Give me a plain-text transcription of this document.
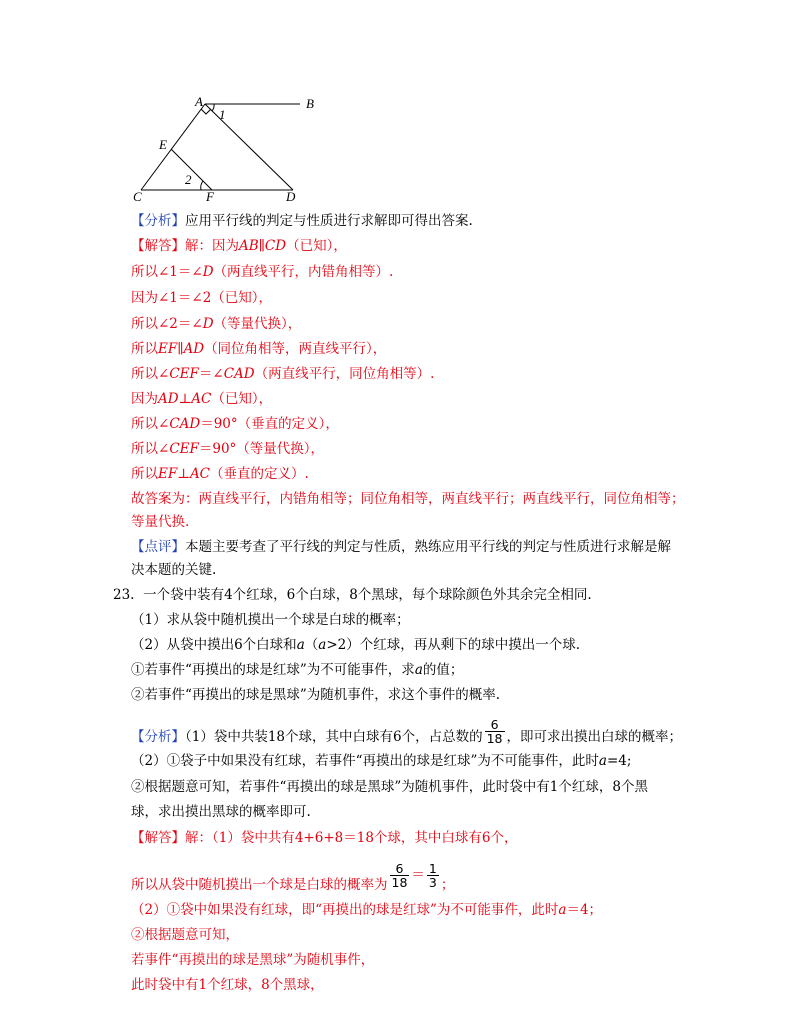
A	B
1
E
2
C	F	D
【分析】应用平行线的判定与性质进行求解即可得出答案.
【解答】解：因为AB∥CD（已知），
所以∠1＝∠D（两直线平行，内错角相等）.
因为∠1＝∠2（已知），
所以∠2＝∠D（等量代换），
所以EF∥AD（同位角相等，两直线平行），
所以∠CEF＝∠CAD（两直线平行，同位角相等）.
因为AD⊥AC（已知），
所以∠CAD＝90°（垂直的定义），
所以∠CEF＝90°（等量代换），
所以EF⊥AC（垂直的定义）.
故答案为：两直线平行，内错角相等；同位角相等，两直线平行；两直线平行，同位角相等；
等量代换.
【点评】本题主要考查了平行线的判定与性质，熟练应用平行线的判定与性质进行求解是解
决本题的关键.
23. 一个袋中装有4个红球，6个白球，8个黑球，每个球除颜色外其余完全相同.
（1）求从袋中随机摸出一个球是白球的概率；
（2）从袋中摸出6个白球和a（a>2）个红球，再从剩下的球中摸出一个球.
①若事件“再摸出的球是红球”为不可能事件，求a的值；
②若事件“再摸出的球是黑球”为随机事件，求这个事件的概率.
【分析】（1）袋中共装18个球，其中白球有6个，占总数的 $\frac{6}{18}$ ，即可求出摸出白球的概率；
（2）①袋子中如果没有红球，若事件“再摸出的球是红球”为不可能事件，此时a=4;
②根据题意可知，若事件“再摸出的球是黑球”为随机事件，此时袋中有1个红球，8个黑
球，求出摸出黑球的概率即可.
【解答】解：（1）袋中共有4+6+8＝18个球，其中白球有6个，
所以从袋中随机摸出一个球是白球的概率为 $\frac{6}{18} = \frac{1}{3}$ ；
（2）①袋中如果没有红球，即“再摸出的球是红球”为不可能事件，此时a＝4；
②根据题意可知，
若事件“再摸出的球是黑球”为随机事件，
此时袋中有1个红球，8个黑球，
